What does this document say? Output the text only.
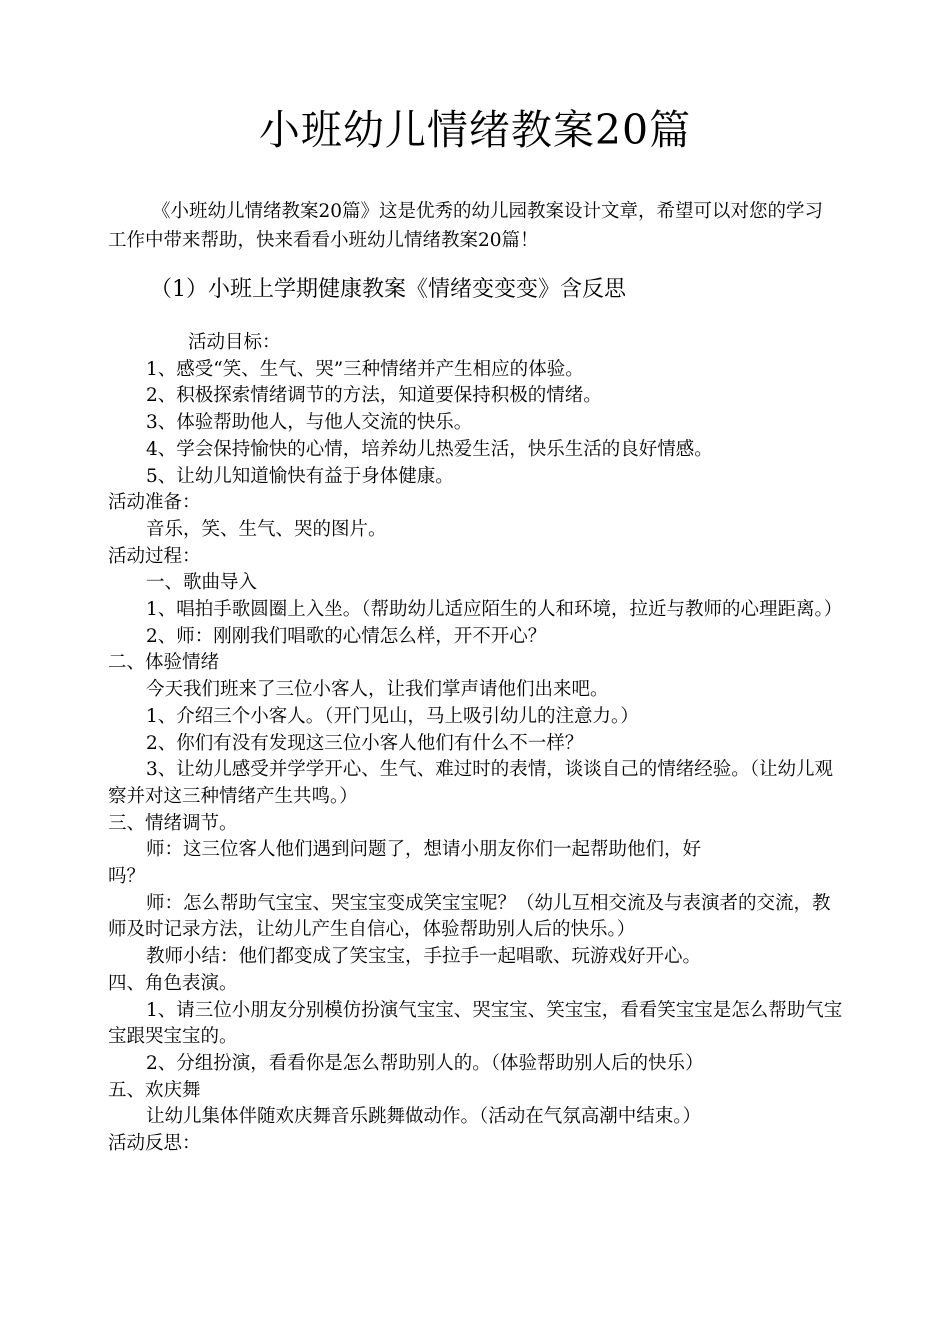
小班幼儿情绪教案20篇

《小班幼儿情绪教案20篇》这是优秀的幼儿园教案设计文章，希望可以对您的学习工作中带来帮助，快来看看小班幼儿情绪教案20篇！

（1）小班上学期健康教案《情绪变变变》含反思

活动目标：

1、感受“笑、生气、哭”三种情绪并产生相应的体验。

2、积极探索情绪调节的方法，知道要保持积极的情绪。

3、体验帮助他人，与他人交流的快乐。

4、学会保持愉快的心情，培养幼儿热爱生活，快乐生活的良好情感。

5、让幼儿知道愉快有益于身体健康。

活动准备：

音乐，笑、生气、哭的图片。

活动过程：

一、歌曲导入

1、唱拍手歌圆圈上入坐。（帮助幼儿适应陌生的人和环境，拉近与教师的心理距离。）

2、师：刚刚我们唱歌的心情怎么样，开不开心？

二、体验情绪

今天我们班来了三位小客人，让我们掌声请他们出来吧。

1、介绍三个小客人。（开门见山，马上吸引幼儿的注意力。）

2、你们有没有发现这三位小客人他们有什么不一样？

3、让幼儿感受并学学开心、生气、难过时的表情，谈谈自己的情绪经验。（让幼儿观察并对这三种情绪产生共鸣。）

三、情绪调节。

师：这三位客人他们遇到问题了，想请小朋友你们一起帮助他们，好

吗？

师：怎么帮助气宝宝、哭宝宝变成笑宝宝呢？（幼儿互相交流及与表演者的交流，教师及时记录方法，让幼儿产生自信心，体验帮助别人后的快乐。）

教师小结：他们都变成了笑宝宝，手拉手一起唱歌、玩游戏好开心。

四、角色表演。

1、请三位小朋友分别模仿扮演气宝宝、哭宝宝、笑宝宝，看看笑宝宝是怎么帮助气宝宝跟哭宝宝的。

2、分组扮演，看看你是怎么帮助别人的。（体验帮助别人后的快乐）

五、欢庆舞

让幼儿集体伴随欢庆舞音乐跳舞做动作。（活动在气氛高潮中结束。）

活动反思：
